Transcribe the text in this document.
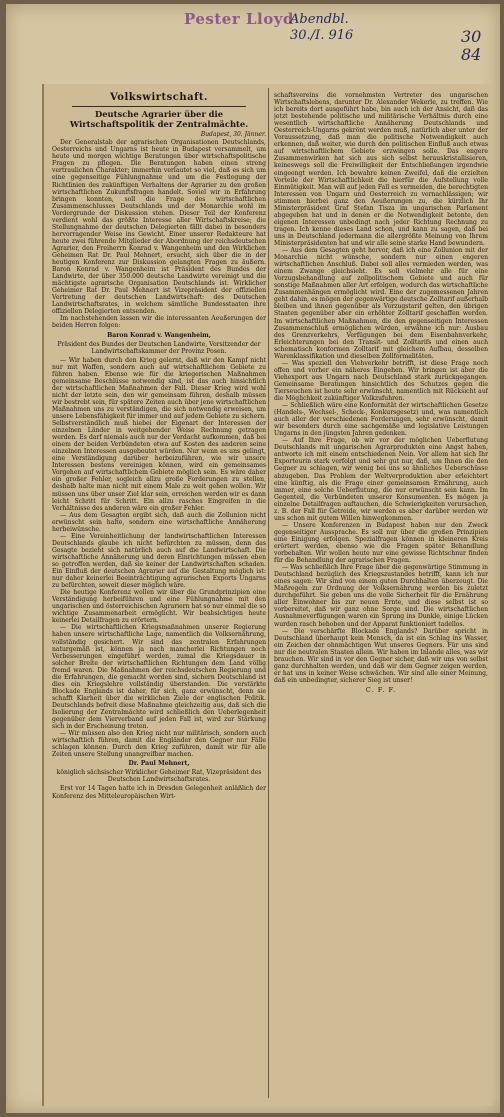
Pester Lloyd
Abendbl.
30./I. 916	30
84
Volkswirtschaft.
Deutsche Agrarier über die Wirtschaftspolitik der Zentralmächte.
Budapest, 30. Jänner.

Der Generalstab der agrarischen Organisationen Deutschlands, Oesterreichs und Ungarns ist heute in Budapest versammelt, um heute und morgen wichtige Beratungen über wirtschaftspolitische Fragen zu pflegen. Die Beratungen haben einen streng vertraulichen Charakter; immerhin verlautet so viel, daß es sich um eine gegenseitige Fühlungnahme und um die Festlegung der Richtlinien des zukünftigen Verhaltens der Agrarier zu den großen wirtschaftlichen Zukunftsfragen handelt. Soviel wir in Erfahrung bringen konnten, soll die Frage des wirtschaftlichen Zusammenschlusses Deutschlands und der Monarchie wohl im Vordergrunde der Diskussion stehen. Dieser Teil der Konferenz verdient wohl das größte Interesse aller Wirtschaftskreise; die Stellungnahme der deutschen Delegierten fällt dabei in besonders hervorragender Weise ins Gewicht. Einer unserer Redakteure hat heute zwei führende Mitglieder der Abordnung der reichsdeutschen Agrarier, den Freiherrn Konrad v. Wangenheim und den Wirklichen Geheimen Rat Dr. Paul Mehnert, ersucht, sich über die in der heutigen Konferenz zur Diskussion gelangten Fragen zu äußern. Baron Konrad v. Wangenheim ist Präsident des Bundes der Landwirte, der über 350.000 deutsche Landwirte vereinigt und die mächtigste agrarische Organisation Deutschlands ist. Wirklicher Geheimer Rat Dr. Paul Mehnert ist Vizepräsident der offiziellen Vertretung der deutschen Landwirtschaft: des Deutschen Landwirtschaftsrates, in welchem sämtliche Bundesstaaten ihre offiziellen Delegierten entsenden.

Im nachstehenden lassen wir die interessanten Aeußerungen der beiden Herren folgen:

Baron Konrad v. Wangenheim,

Präsident des Bundes der Deutschen Landwirte, Vorsitzender der Landwirtschaftskammer der Provinz Posen.

— Wir haben durch den Krieg gelernt, daß wir den Kampf nicht nur mit Waffen, sondern auch auf wirtschaftlichem Gebiete zu führen haben. Ebenso wie für die kriegerischen Maßnahmen gemeinsame Beschlüsse notwendig sind, ist das auch hinsichtlich der wirtschaftlichen Maßnahmen der Fall. Dieser Krieg wird wohl nicht der letzte sein, den wir gemeinsam führen, deshalb müssen wir bestrebt sein, für spätere Zeiten auch über jene wirtschaftlichen Maßnahmen uns zu verständigen, die sich notwendig erweisen, um unsere Lebensfähigkeit für immer und auf jedem Gebiete zu sichern. Selbstverständlich muß hiebei der Eigenart der Interessen der einzelnen Länder in weitgehender Weise Rechnung getragen werden. Es darf niemals auch nur der Verdacht aufkommen, daß bei einem der beiden Verbündeten etwa auf Kosten des anderen seine einzelnen Interessen ausgebeutet würden. Nur wenn es uns gelingt, eine Verständigung darüber herbeizuführen, wie wir unsere Interessen bestens vereinigen können, wird ein gemeinsames Vorgehen auf wirtschaftlichem Gebiete möglich sein. Es wäre daher ein großer Fehler, sogleich allzu große Forderungen zu stellen, deshalb halte man nicht mit einem Male zu weit gehen wollen. Wir müssen uns über unser Ziel klar sein, erreichen werden wir es dann leicht Schritt für Schritt. Ein allzu rasches Eingreifen in die Verhältnisse des anderen wäre ein großer Fehler.

— Aus dem Gesagten ergibt sich, daß auch die Zollunion nicht erwünscht sein halte, sondern eine wirtschaftliche Annäherung herbeiwünsche.

— Eine Vereinheitlichung der landwirtschaftlichen Interessen Deutschlands glaube ich nicht befürchten zu müssen, denn das Gesagte bezieht sich natürlich auch auf die Landwirtschaft. Die wirtschaftliche Annäherung und deren Einrichtungen müssen eben so getroffen werden, daß sie keiner der Landwirtschaften schaden. Ein Einfluß der deutschen Agrarier auf die Gestaltung möglich ist: nur daher keinerlei Beeinträchtigung agrarischen Exports Ungarns zu befürchten, soweit dieser möglich wäre.

Die heutige Konferenz wollen wir über die Grundprinzipien eine Verständigung herbeiführen und eine Fühlungnahme mit den ungarischen und österreichischen Agrariern hat so nur einmal die so wichtige Zusammenarbeit ermöglicht. Wir beabsichtigen heute keinerlei Detailfragen zu erörtern.

— Die wirtschaftlichen Kriegsmaßnahmen unserer Regierung haben unsere wirtschaftliche Lage, namentlich die Volksernährung, vollständig gesichert. Wir sind das zentralen Erfahrungen naturgemäß ist, können ja nach mancherlei Richtungen noch Verbesserungen eingeführt werden, zumal die Kriegsdauer in solcher Breite der wirtschaftlichen Richtungen dem Land völlig fremd waren. Die Maßnahmen der reichsdeutschen Regierung und die Erfahrungen, die gemacht worden sind, sichern Deutschland ist dies ein Kriegslehre vollständig überstanden. Die verstärkte Blockade Englands ist daher, für sich, ganz erwünscht, denn sie schafft Klarheit über die wirklichen Ziele der englischen Politik. Deutschlands befreit diese Maßnahme gleichzeitig aus, daß sich die Isolierung der Zentralmächte wird schließlich den Ueberlegenheit gegenüber dem Vierverband auf jeden Fall ist, wird zur Stärkung sich in der Erscheinung treten.

— Wir müssen also den Krieg nicht nur militärisch, sondern auch wirtschaftlich führen, damit die Engländer den Gegner nur Fälle schlagen können. Durch den Krieg zuführen, damit wir für alle Zeiten unsere Stellung unangreifbar machen.

Dr. Paul Mehnert,

königlich sächsischer Wirklicher Geheimer Rat, Vizepräsident des Deutschen Landwirtschaftsrates.

Erst vor 14 Tagen hatte ich in Dresden Gelegenheit anläßlich der Konferenz des Mitteleuropäischen Wirt-

schaftsvereins die vornehmsten Vertreter des ungarischen Wirtschaftslebens, darunter Dr. Alexander Wekerle, zu treffen. Wie ich bereits dort ausgeführt habe, bin auch ich der Ansicht, daß das jetzt bestehende politische und militärische Verhältnis durch eine wesentlich wirtschaftliche Annäherung Deutschlands und Oesterreich-Ungarns gekrönt werden muß, natürlich aber unter der Voraussetzung, daß man die politische Notwendigkeit auch erkennen, daß weiter, wie durch den politischen Einfluß auch etwas auf wirtschaftlichem Gebiete erzwingen solle. Das engere Zusammenwirken hat sich aus sich selbst herauskristallisieren, keineswegs soll die Freiwilligkeit der Entschließungen irgendwie eingeengt werden. Ich bewahre keinen Zweifel, daß die erzielten Vorteile der Wirtschaftlichkeit die hierfür die Aufstellung volle Einmütigkeit. Man will auf jeden Fall es vermeiden, die berechtigten Interessen von Ungarn und Oesterreich zu vernachlässigen; wir stimmen hierbei ganz den Aeußerungen zu, die kürzlich Ihr Ministerpräsident Graf Stefan Tisza im ungarischen Parlament abgegeben hat und in denen er die Notwendigkeit betonte, den eigenen Interessen unbedingt nach jeder Richtung Rechnung zu tragen. Ich kenne dieses Land schon, und kann zu sagen, daß bei uns in Deutschland jedermann die allergrößte Meinung von Ihrem Ministerpräsidenten hat und wir alle seine starke Hand bewundern.

— Aus dem Gesagten geht hervor, daß ich eine Zollunion mit der Monarchie nicht wünsche, sondern nur einen engeren wirtschaftlichen Anschluß. Dabei soll alles vermieden werden, was einem Zwange gleichsieht. Es soll vielmehr alle für eine Vorzugsbehandlung auf zollpolitischem Gebiete und auch für sonstige Maßnahmen aller Art erfolgen, wodurch das wirtschaftliche Zusammenhängen ermöglicht wird. Eine der zugemessenen Jahren geht dahin, es mögen der gegenwärtige deutsche Zolltarif außerhalb bleiben und ihnen gegenüber als Vorzugstarif gelten, den übrigen Staaten gegenüber aber ein erhöhter Zolltarif geschaffen werden. Im wirtschaftlichen Maßnahmen, die den gegenseitigen Interessen Zusammenschluß ermöglichen würden, erwähne ich nur: Ausbau des Grenzverkehrs, Verfügungen bei dem Eisenbahnverkehr, Erleichterungen bei den Transit- und Zolltarifs und einen auch schematisch konformen Zolltarif mit gleichem Aufbau, desselben Warenklassifikation und dieselben Zollformalitäten.

— Was speziell den Viehverkehr betrifft, ist diese Frage noch offen und vorher ein näheres Eingehen. Wir bringen ist aber die Viehexport aus Ungarn nach Deutschland stark zurückgegangen. Gemeinsame Beratungen hinsichtlich des Schutzes gegen die Tierseuchen ist heute sehr erwünscht, namentlich mit Rücksicht auf die Möglichkeit zukünftiger Volkzufuhren.

— Schließlich wäre eine Konformität der wirtschaftlichen Gesetze (Handels-, Wechsel-, Scheck-, Konkursgesetz) und, was namentlich auch aller der verschiedenen Forderungen, sehr erwünscht, damit wir besonders durch eine sachgemäße und legislative Leistungen Ungarns in den jüngsten Jahren gedenken.

— Auf Ihre Frage, ob wir vor der möglichen Ueberflutung Deutschlands mit ungarischen Agrarprodukten eine Angst haben, antworte ich mit einem entschiedenen Nein. Vor allem hat sich Ihr Exporteurin stark verfolgt und sehr gut nur, daß, um Ihnen die den Gegner zu schlagen, wir wenig bei uns so ähnliches Ueberschüsse abzugeben. Das Problem der Weltverproduktion aber erleichtert eine künftig, als die Frage einer gemeinsamen Ernährung, auch immer, eine solche Ueberflutung, die nur erwünscht sein kann. Im Gegenteil, die Verbündeten unserer Konsumenten. Es mögen ja einzelne Detailfragen auftauchen, die Schwierigkeiten verursachen, z. B. der Fall für Getreide, wir werden es aber darüber werden wir uns schon mit gutem Willen hinwegkommen.

— Unsere Konferenzen in Budapest haben nur den Zweck gegenseitiger Aussprache. Es soll nur über die großen Prinzipien eine Einigung erfolgen. Spezialfragen können in kleineren Kreis erörtert werden, ebenso wie die Fragen später Behandlung vorbehalten. Wir wollen heute nur eine gewisse Richtschnur finden für die Behandlung der agrarischen Fragen.

— Was schließlich Ihre Frage über die gegenwärtige Stimmung in Deutschland bezüglich des Kriegszustandes betrifft, kann ich nur eines sagen: Wir sind von einem guten Durchhalten überzeugt. Die Maßregeln zur Ordnung der Volksernährung werden bis zuletzt durchgeführt. Sie geben uns die volle Sicherheit für die Ernährung aller Einwohner bis zur neuen Ernte, und diese selbst ist so vorbereitet, daß wir ganz ohne Sorge sind. Die wirtschaftlichen Ausnahmeverfügungen waren ein Sprung ins Dunkle, einige Lücken wurden rasch behoben und der Apparat funktioniert tadellos.

— Die verschärfte Blockade Englands? Darüber spricht in Deutschland überhaupt kein Mensch, da ist ein Schlag ins Wasser, ein Zeichen der ohnmächtigen Wut unseres Gegners. Für uns sind nur die neutralen Staaten allein. Wir haben im Inlande alles, was wir brauchen. Wir sind in vor den Gegner sicher, daß wir uns von selbst ganz durchhalten werden, und daß wir dem Gegner zeigen werden, er hat uns in keiner Weise schwächen. Wir sind alle einer Meinung, daß ein unbedingter, sicherer Sieg ist unser!

C. F. F.
